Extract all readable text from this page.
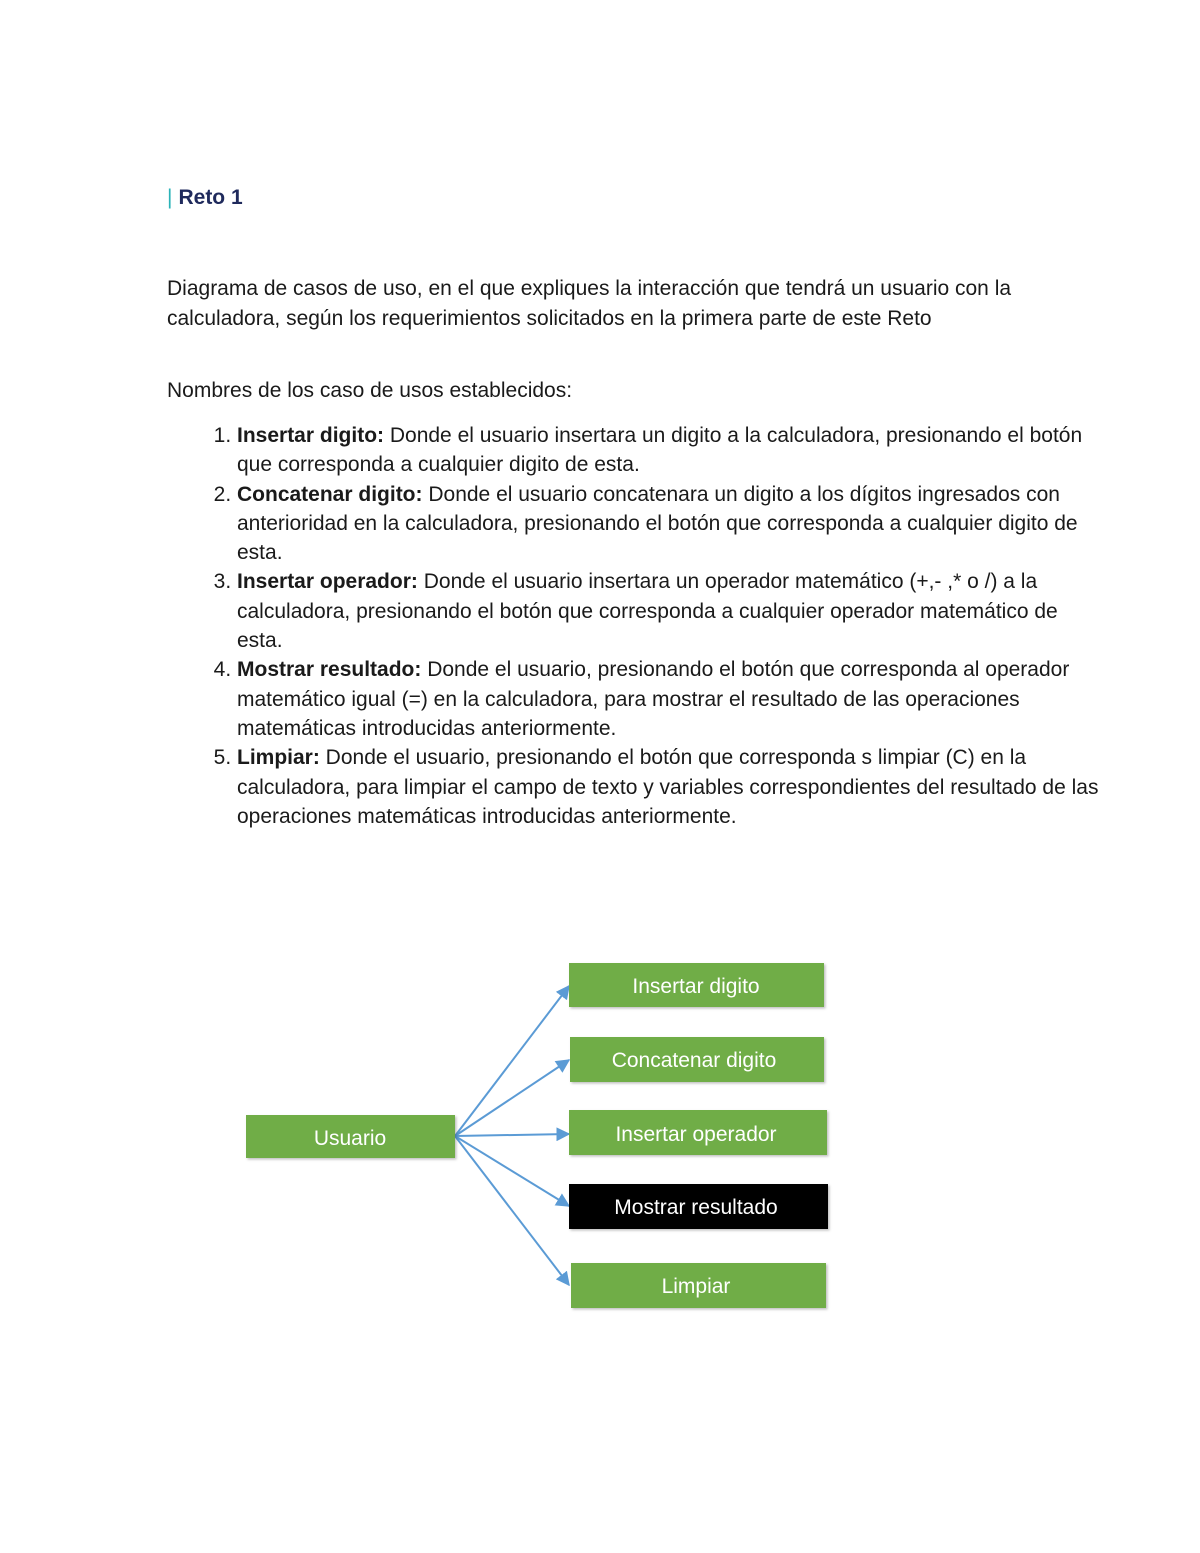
| Reto 1

Diagrama de casos de uso, en el que expliques la interacción que tendrá un usuario con la calculadora, según los requerimientos solicitados en la primera parte de este Reto

Nombres de los caso de usos establecidos:

1. Insertar digito: Donde el usuario insertara un digito a la calculadora, presionando el botón que corresponda a cualquier digito de esta.
2. Concatenar digito: Donde el usuario concatenara un digito a los dígitos ingresados con anterioridad en la calculadora, presionando el botón que corresponda a cualquier digito de esta.
3. Insertar operador: Donde el usuario insertara un operador matemático (+,- ,* o /) a la calculadora, presionando el botón que corresponda a cualquier operador matemático de esta.
4. Mostrar resultado: Donde el usuario, presionando el botón que corresponda al operador matemático igual (=) en la calculadora, para mostrar el resultado de las operaciones matemáticas introducidas anteriormente.
5. Limpiar: Donde el usuario, presionando el botón que corresponda s limpiar (C) en la calculadora, para limpiar el campo de texto y variables correspondientes del resultado de las operaciones matemáticas introducidas anteriormente.
Usuario
Insertar digito
Concatenar digito
Insertar operador
Mostrar resultado
Limpiar
